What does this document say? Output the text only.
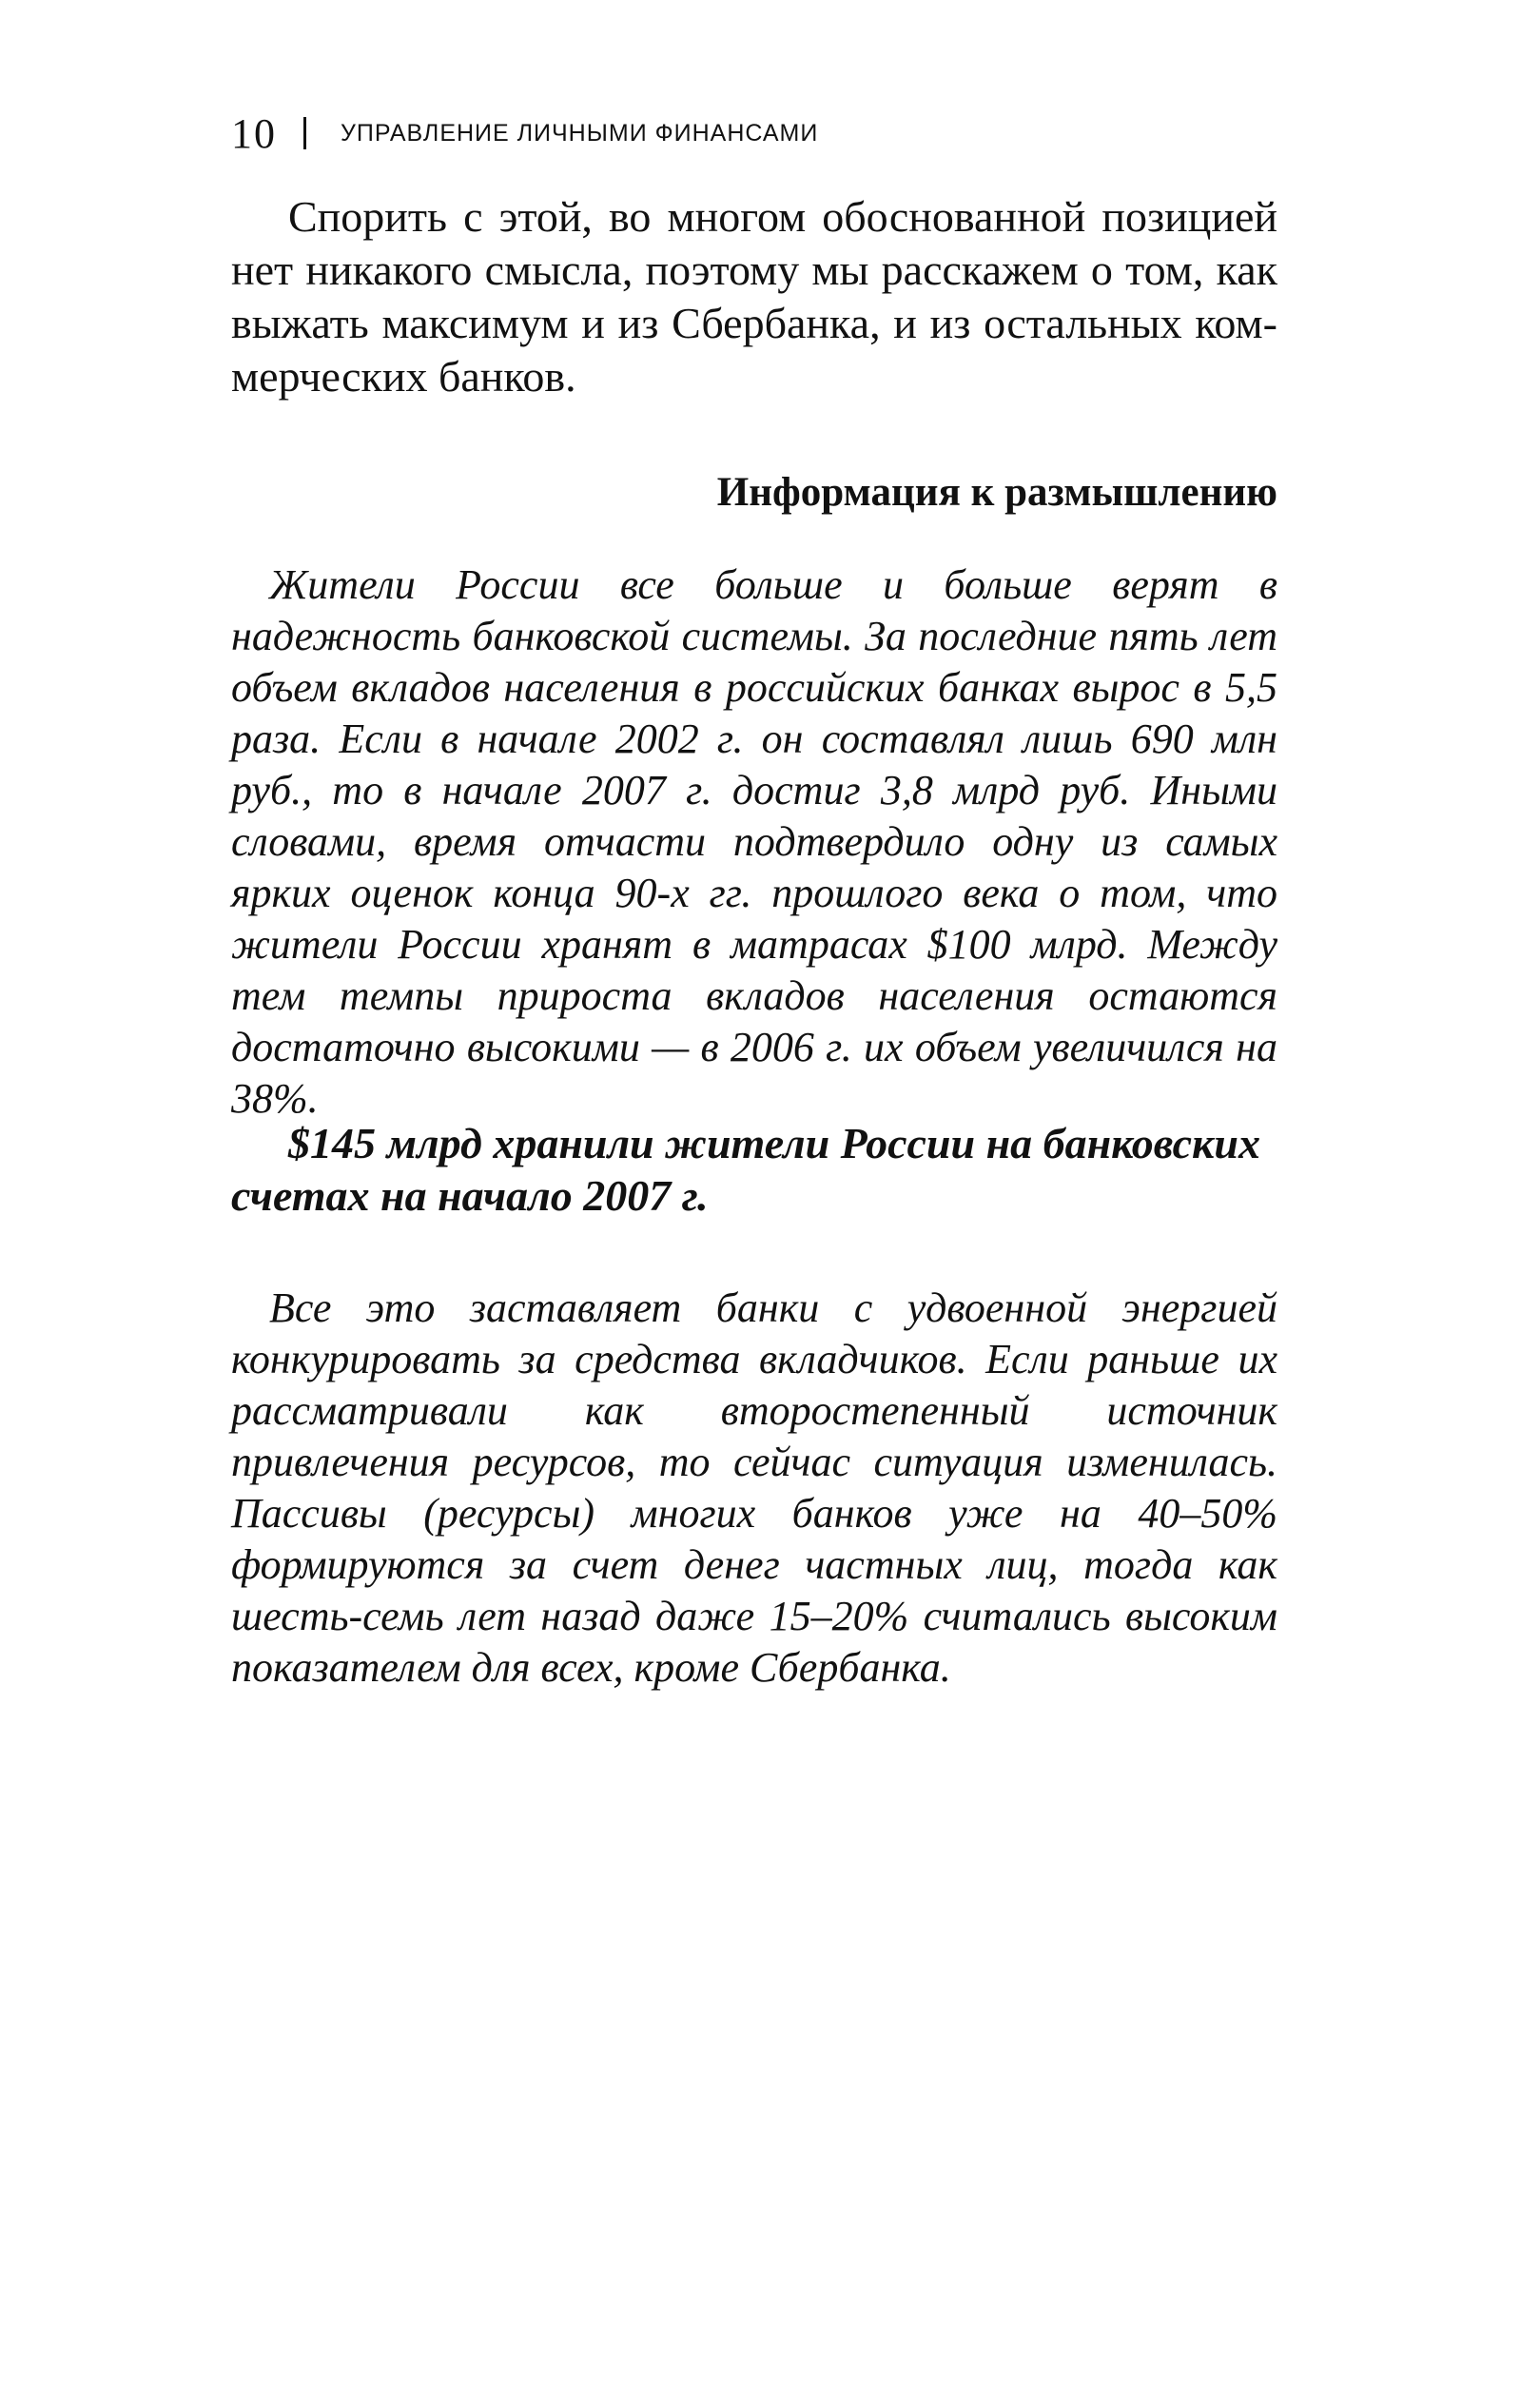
10	УПРАВЛЕНИЕ ЛИЧНЫМИ ФИНАНСАМИ

Спорить с этой, во многом обоснованной позицией нет никакого смысла, поэтому мы расскажем о том, как выжать максимум и из Сбербанка, и из остальных коммерческих банков.

Информация к размышлению

Жители России все больше и больше верят в надежность банковской системы. За последние пять лет объем вкладов населения в российских банках вырос в 5,5 раза. Если в начале 2002 г. он составлял лишь 690 млн руб., то в начале 2007 г. достиг 3,8 млрд руб. Иными словами, время отчасти подтвердило одну из самых ярких оценок конца 90-х гг. прошлого века о том, что жители России хранят в матрасах $100 млрд. Между тем темпы прироста вкладов населения остаются достаточно высокими — в 2006 г. их объем увеличился на 38%.

$145 млрд хранили жители России на банковских счетах на начало 2007 г.

Все это заставляет банки с удвоенной энергией конкурировать за средства вкладчиков. Если раньше их рассматривали как второстепенный источник привлечения ресурсов, то сейчас ситуация изменилась. Пассивы (ресурсы) многих банков уже на 40–50% формируются за счет денег частных лиц, тогда как шесть-семь лет назад даже 15–20% считались высоким показателем для всех, кроме Сбербанка.
